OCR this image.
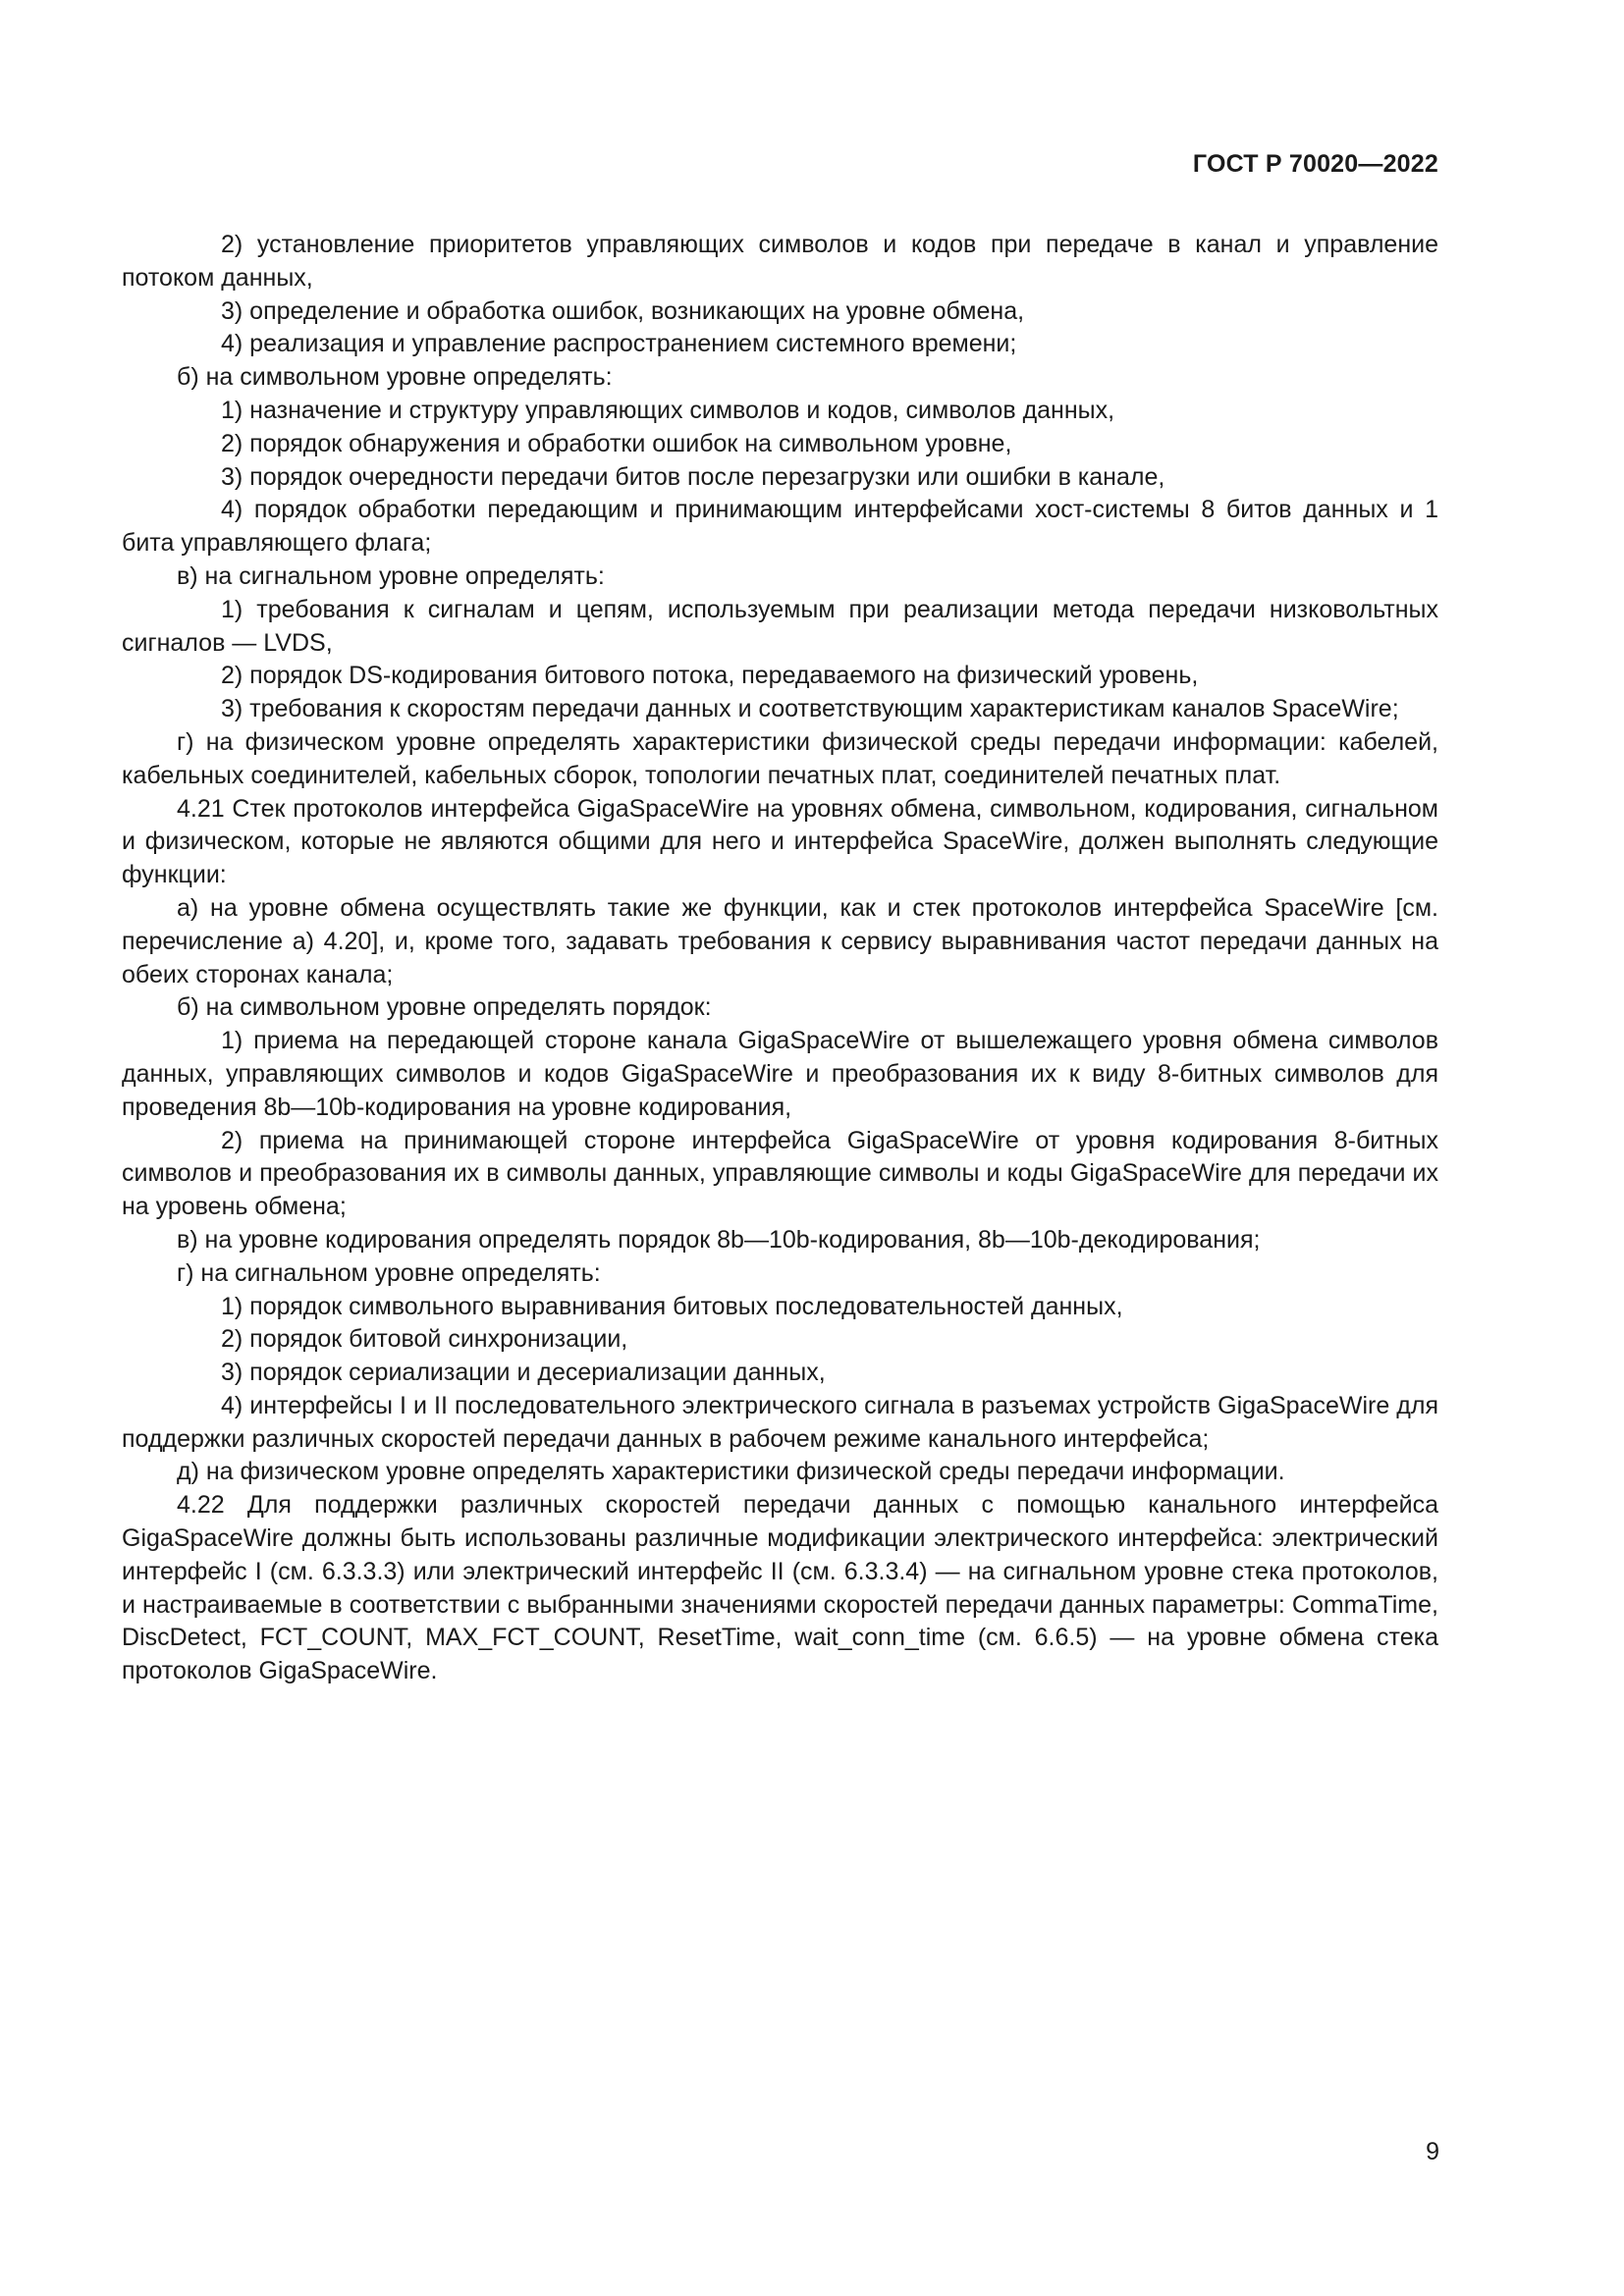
ГОСТ Р 70020—2022

2) установление приоритетов управляющих символов и кодов при передаче в канал и управление потоком данных,

3) определение и обработка ошибок, возникающих на уровне обмена,

4) реализация и управление распространением системного времени;

б) на символьном уровне определять:

1) назначение и структуру управляющих символов и кодов, символов данных,

2) порядок обнаружения и обработки ошибок на символьном уровне,

3) порядок очередности передачи битов после перезагрузки или ошибки в канале,

4) порядок обработки передающим и принимающим интерфейсами хост-системы 8 битов данных и 1 бита управляющего флага;

в) на сигнальном уровне определять:

1) требования к сигналам и цепям, используемым при реализации метода передачи низковольтных сигналов — LVDS,

2) порядок DS-кодирования битового потока, передаваемого на физический уровень,

3) требования к скоростям передачи данных и соответствующим характеристикам каналов SpaceWire;

г) на физическом уровне определять характеристики физической среды передачи информации: кабелей, кабельных соединителей, кабельных сборок, топологии печатных плат, соединителей печатных плат.

4.21 Стек протоколов интерфейса GigaSpaceWire на уровнях обмена, символьном, кодирования, сигнальном и физическом, которые не являются общими для него и интерфейса SpaceWire, должен выполнять следующие функции:

а) на уровне обмена осуществлять такие же функции, как и стек протоколов интерфейса SpaceWire [см. перечисление а) 4.20], и, кроме того, задавать требования к сервису выравнивания частот передачи данных на обеих сторонах канала;

б) на символьном уровне определять порядок:

1) приема на передающей стороне канала GigaSpaceWire от вышележащего уровня обмена символов данных, управляющих символов и кодов GigaSpaceWire и преобразования их к виду 8-битных символов для проведения 8b—10b-кодирования на уровне кодирования,

2) приема на принимающей стороне интерфейса GigaSpaceWire от уровня кодирования 8-битных символов и преобразования их в символы данных, управляющие символы и коды GigaSpaceWire для передачи их на уровень обмена;

в) на уровне кодирования определять порядок 8b—10b-кодирования, 8b—10b-декодирования;

г) на сигнальном уровне определять:

1) порядок символьного выравнивания битовых последовательностей данных,

2) порядок битовой синхронизации,

3) порядок сериализации и десериализации данных,

4) интерфейсы I и II последовательного электрического сигнала в разъемах устройств GigaSpaceWire для поддержки различных скоростей передачи данных в рабочем режиме канального интерфейса;

д) на физическом уровне определять характеристики физической среды передачи информации.

4.22 Для поддержки различных скоростей передачи данных с помощью канального интерфейса GigaSpaceWire должны быть использованы различные модификации электрического интерфейса: электрический интерфейс I (см. 6.3.3.3) или электрический интерфейс II (см. 6.3.3.4) — на сигнальном уровне стека протоколов, и настраиваемые в соответствии с выбранными значениями скоростей передачи данных параметры: CommaTime, DiscDetect, FCT_COUNT, MAX_FCT_COUNT, ResetTime, wait_conn_time (см. 6.6.5) — на уровне обмена стека протоколов GigaSpaceWire.

9
